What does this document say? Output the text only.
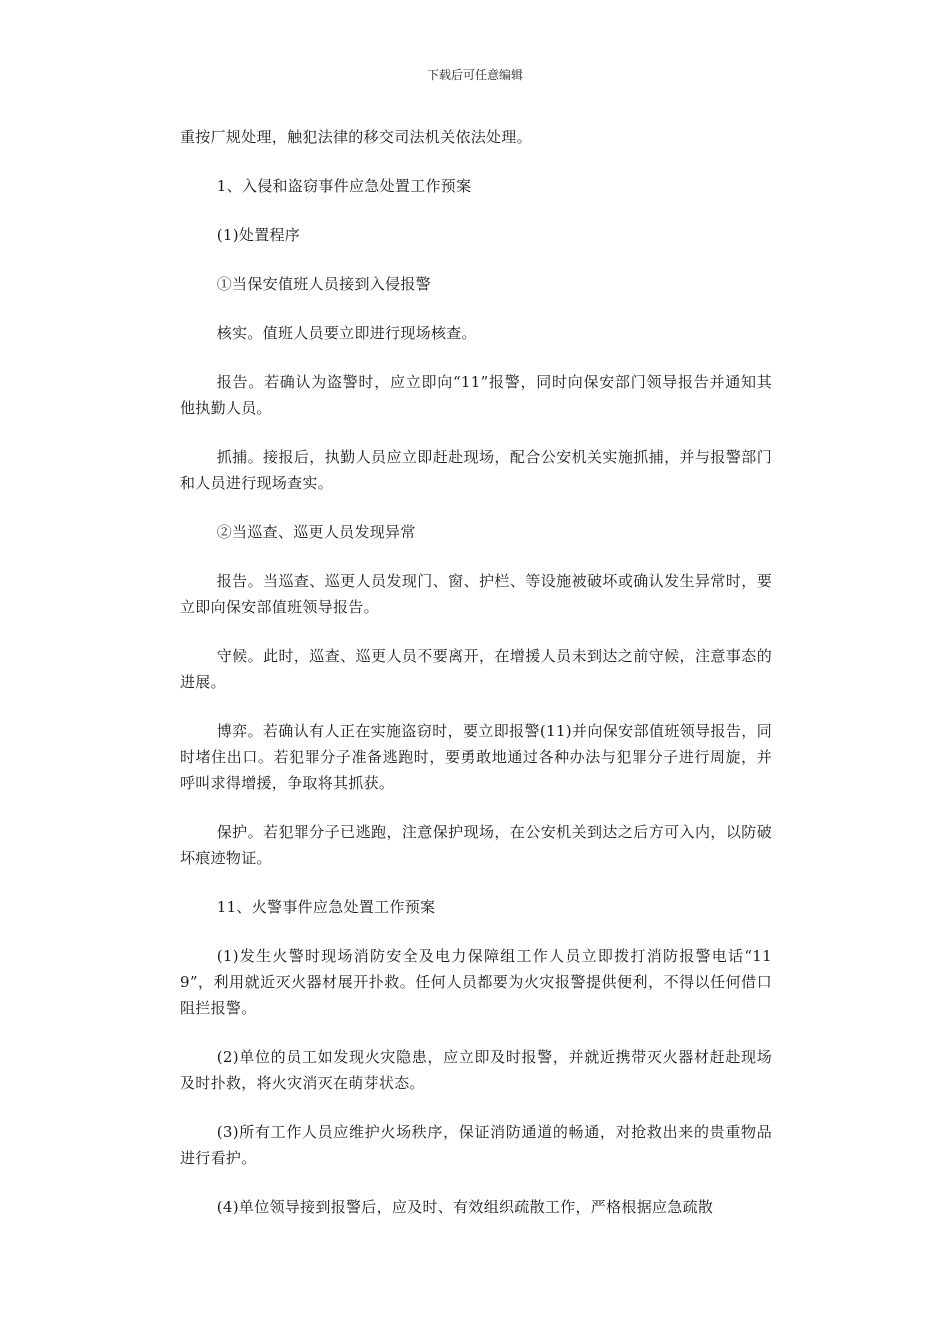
下载后可任意编辑

重按厂规处理，触犯法律的移交司法机关依法处理。

1、入侵和盗窃事件应急处置工作预案

(1)处置程序

①当保安值班人员接到入侵报警

核实。值班人员要立即进行现场核查。

报告。若确认为盗警时，应立即向“11”报警，同时向保安部门领导报告并通知其他执勤人员。

抓捕。接报后，执勤人员应立即赶赴现场，配合公安机关实施抓捕，并与报警部门和人员进行现场查实。

②当巡查、巡更人员发现异常

报告。当巡查、巡更人员发现门、窗、护栏、等设施被破坏或确认发生异常时，要立即向保安部值班领导报告。

守候。此时，巡查、巡更人员不要离开，在增援人员未到达之前守候，注意事态的进展。

博弈。若确认有人正在实施盗窃时，要立即报警(11)并向保安部值班领导报告，同时堵住出口。若犯罪分子准备逃跑时，要勇敢地通过各种办法与犯罪分子进行周旋，并呼叫求得增援，争取将其抓获。

保护。若犯罪分子已逃跑，注意保护现场，在公安机关到达之后方可入内，以防破坏痕迹物证。

11、火警事件应急处置工作预案

(1)发生火警时现场消防安全及电力保障组工作人员立即拨打消防报警电话“119”，利用就近灭火器材展开扑救。任何人员都要为火灾报警提供便利，不得以任何借口阻拦报警。

(2)单位的员工如发现火灾隐患，应立即及时报警，并就近携带灭火器材赶赴现场及时扑救，将火灾消灭在萌芽状态。

(3)所有工作人员应维护火场秩序，保证消防通道的畅通，对抢救出来的贵重物品进行看护。

(4)单位领导接到报警后，应及时、有效组织疏散工作，严格根据应急疏散
